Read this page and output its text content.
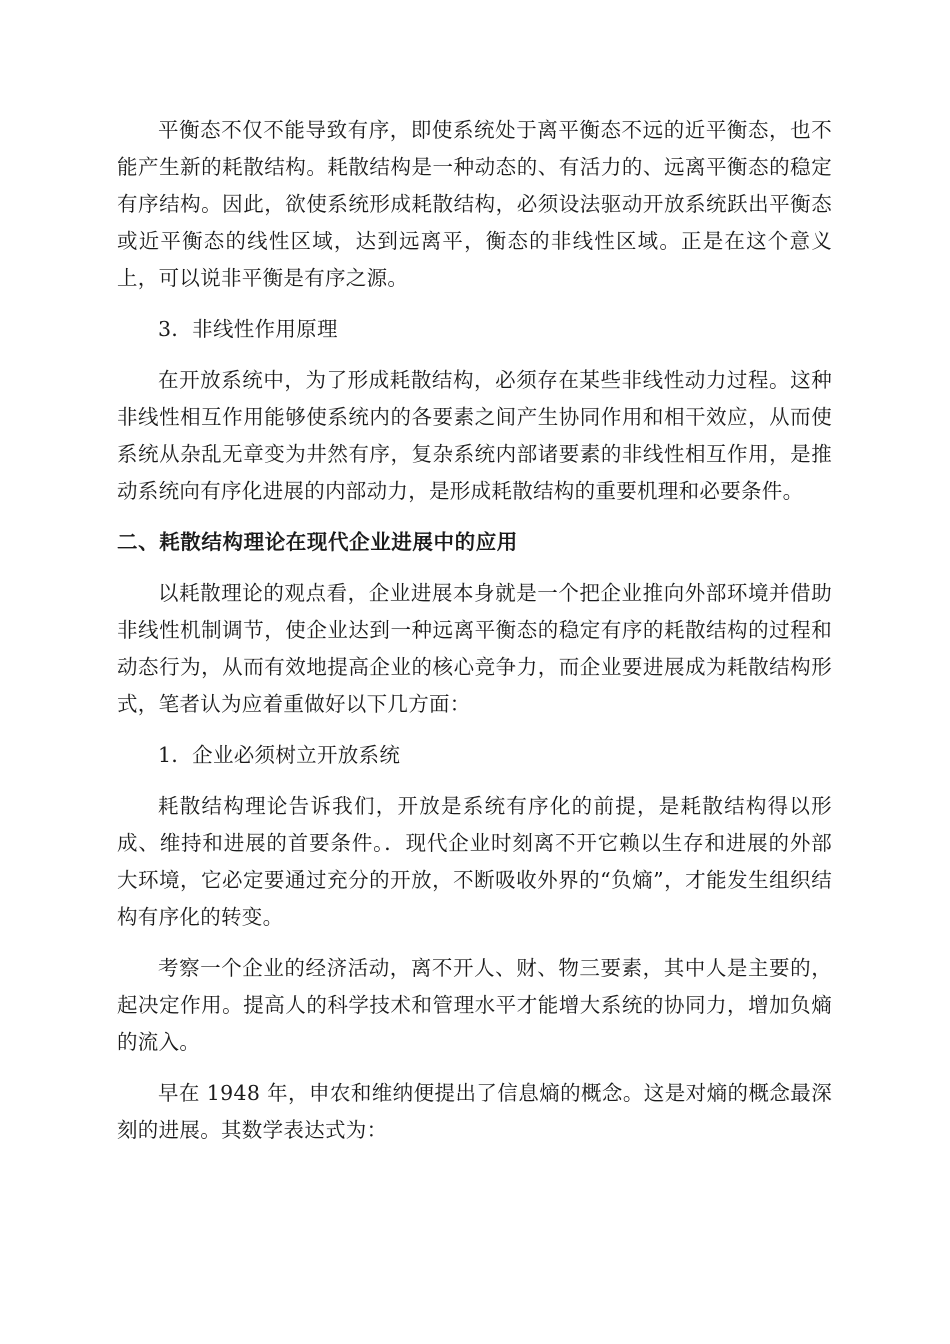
平衡态不仅不能导致有序，即使系统处于离平衡态不远的近平衡态，也不能产生新的耗散结构。耗散结构是一种动态的、有活力的、远离平衡态的稳定有序结构。因此，欲使系统形成耗散结构，必须设法驱动开放系统跃出平衡态或近平衡态的线性区域，达到远离平，衡态的非线性区域。正是在这个意义上，可以说非平衡是有序之源。

3．非线性作用原理

在开放系统中，为了形成耗散结构，必须存在某些非线性动力过程。这种非线性相互作用能够使系统内的各要素之间产生协同作用和相干效应，从而使系统从杂乱无章变为井然有序，复杂系统内部诸要素的非线性相互作用，是推动系统向有序化进展的内部动力，是形成耗散结构的重要机理和必要条件。

二、耗散结构理论在现代企业进展中的应用

以耗散理论的观点看，企业进展本身就是一个把企业推向外部环境并借助非线性机制调节，使企业达到一种远离平衡态的稳定有序的耗散结构的过程和动态行为，从而有效地提高企业的核心竞争力，而企业要进展成为耗散结构形式，笔者认为应着重做好以下几方面：

1．企业必须树立开放系统

耗散结构理论告诉我们，开放是系统有序化的前提，是耗散结构得以形成、维持和进展的首要条件。．现代企业时刻离不开它赖以生存和进展的外部大环境，它必定要通过充分的开放，不断吸收外界的“负熵”，才能发生组织结构有序化的转变。

考察一个企业的经济活动，离不开人、财、物三要素，其中人是主要的，起决定作用。提高人的科学技术和管理水平才能增大系统的协同力，增加负熵的流入。

早在 1948 年，申农和维纳便提出了信息熵的概念。这是对熵的概念最深刻的进展。其数学表达式为：
